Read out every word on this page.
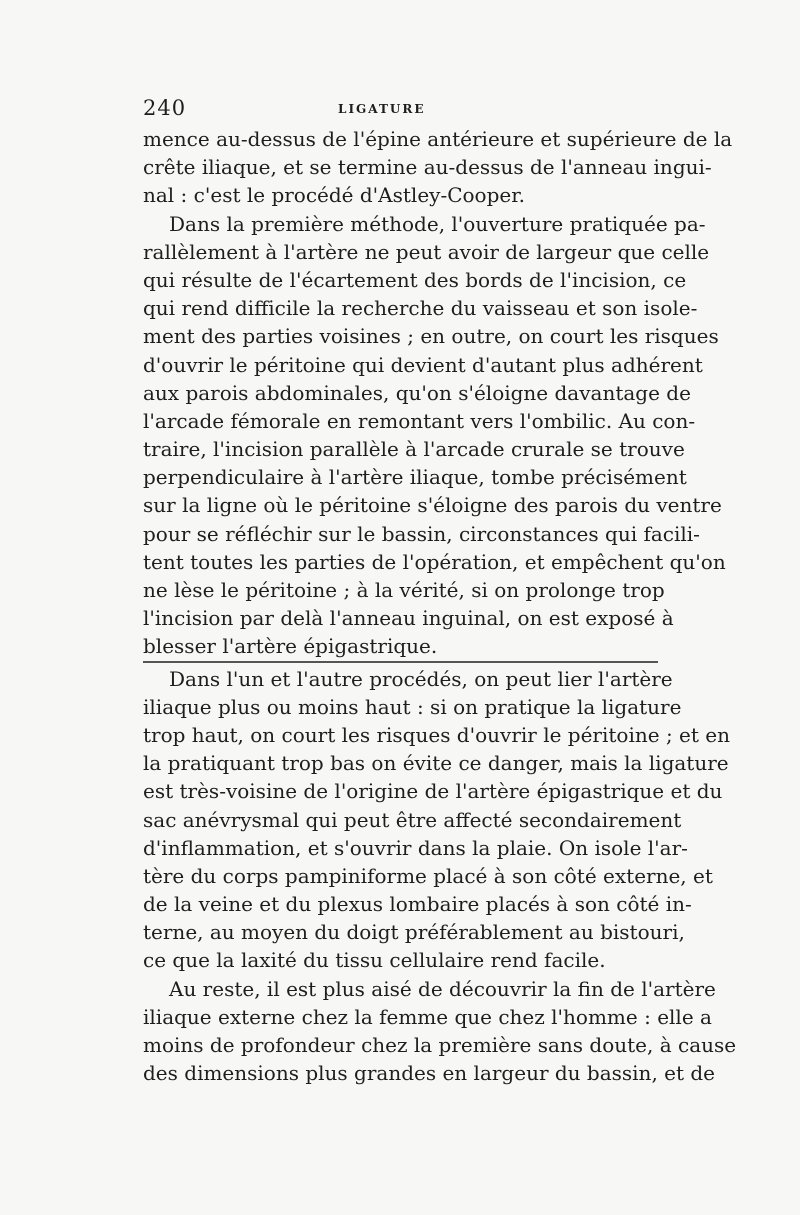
240	LIGATURE
mence au-dessus de l'épine antérieure et supérieure de la
crête iliaque, et se termine au-dessus de l'anneau ingui-
nal : c'est le procédé d'Astley-Cooper.
Dans la première méthode, l'ouverture pratiquée pa-
rallèlement à l'artère ne peut avoir de largeur que celle
qui résulte de l'écartement des bords de l'incision, ce
qui rend difficile la recherche du vaisseau et son isole-
ment des parties voisines ; en outre, on court les risques
d'ouvrir le péritoine qui devient d'autant plus adhérent
aux parois abdominales, qu'on s'éloigne davantage de
l'arcade fémorale en remontant vers l'ombilic. Au con-
traire, l'incision parallèle à l'arcade crurale se trouve
perpendiculaire à l'artère iliaque, tombe précisément
sur la ligne où le péritoine s'éloigne des parois du ventre
pour se réfléchir sur le bassin, circonstances qui facili-
tent toutes les parties de l'opération, et empêchent qu'on
ne lèse le péritoine ; à la vérité, si on prolonge trop
l'incision par delà l'anneau inguinal, on est exposé à
blesser l'artère épigastrique.
Dans l'un et l'autre procédés, on peut lier l'artère
iliaque plus ou moins haut : si on pratique la ligature
trop haut, on court les risques d'ouvrir le péritoine ; et en
la pratiquant trop bas on évite ce danger, mais la ligature
est très-voisine de l'origine de l'artère épigastrique et du
sac anévrysmal qui peut être affecté secondairement
d'inflammation, et s'ouvrir dans la plaie. On isole l'ar-
tère du corps pampiniforme placé à son côté externe, et
de la veine et du plexus lombaire placés à son côté in-
terne, au moyen du doigt préférablement au bistouri,
ce que la laxité du tissu cellulaire rend facile.
Au reste, il est plus aisé de découvrir la fin de l'artère
iliaque externe chez la femme que chez l'homme : elle a
moins de profondeur chez la première sans doute, à cause
des dimensions plus grandes en largeur du bassin, et de
